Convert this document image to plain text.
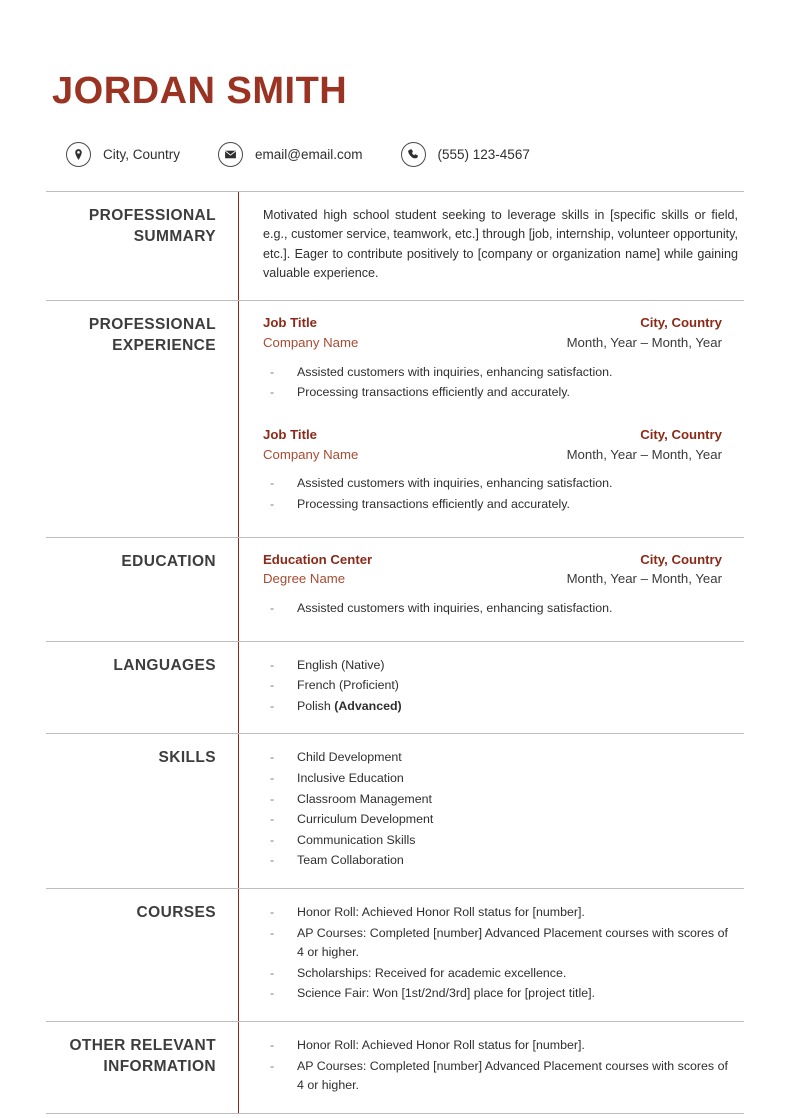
JORDAN SMITH
City, Country	email@email.com	(555) 123-4567
PROFESSIONAL SUMMARY

Motivated high school student seeking to leverage skills in [specific skills or field, e.g., customer service, teamwork, etc.] through [job, internship, volunteer opportunity, etc.]. Eager to contribute positively to [company or organization name] while gaining valuable experience.

PROFESSIONAL EXPERIENCE
Job Title	City, Country
Company Name	Month, Year – Month, Year
- Assisted customers with inquiries, enhancing satisfaction.
- Processing transactions efficiently and accurately.
Job Title	City, Country
Company Name	Month, Year – Month, Year
- Assisted customers with inquiries, enhancing satisfaction.
- Processing transactions efficiently and accurately.
EDUCATION	Education Center	City, Country
Degree Name	Month, Year – Month, Year
- Assisted customers with inquiries, enhancing satisfaction.
LANGUAGES	- English (Native)
- French (Proficient)
- Polish (Advanced)
SKILLS	- Child Development
- Inclusive Education
- Classroom Management
- Curriculum Development
- Communication Skills
- Team Collaboration
COURSES	- Honor Roll: Achieved Honor Roll status for [number].
- AP Courses: Completed [number] Advanced Placement courses with scores of 4 or higher.
- Scholarships: Received for academic excellence.
- Science Fair: Won [1st/2nd/3rd] place for [project title].
OTHER RELEVANT INFORMATION
- Honor Roll: Achieved Honor Roll status for [number].
- AP Courses: Completed [number] Advanced Placement courses with scores of 4 or higher.
